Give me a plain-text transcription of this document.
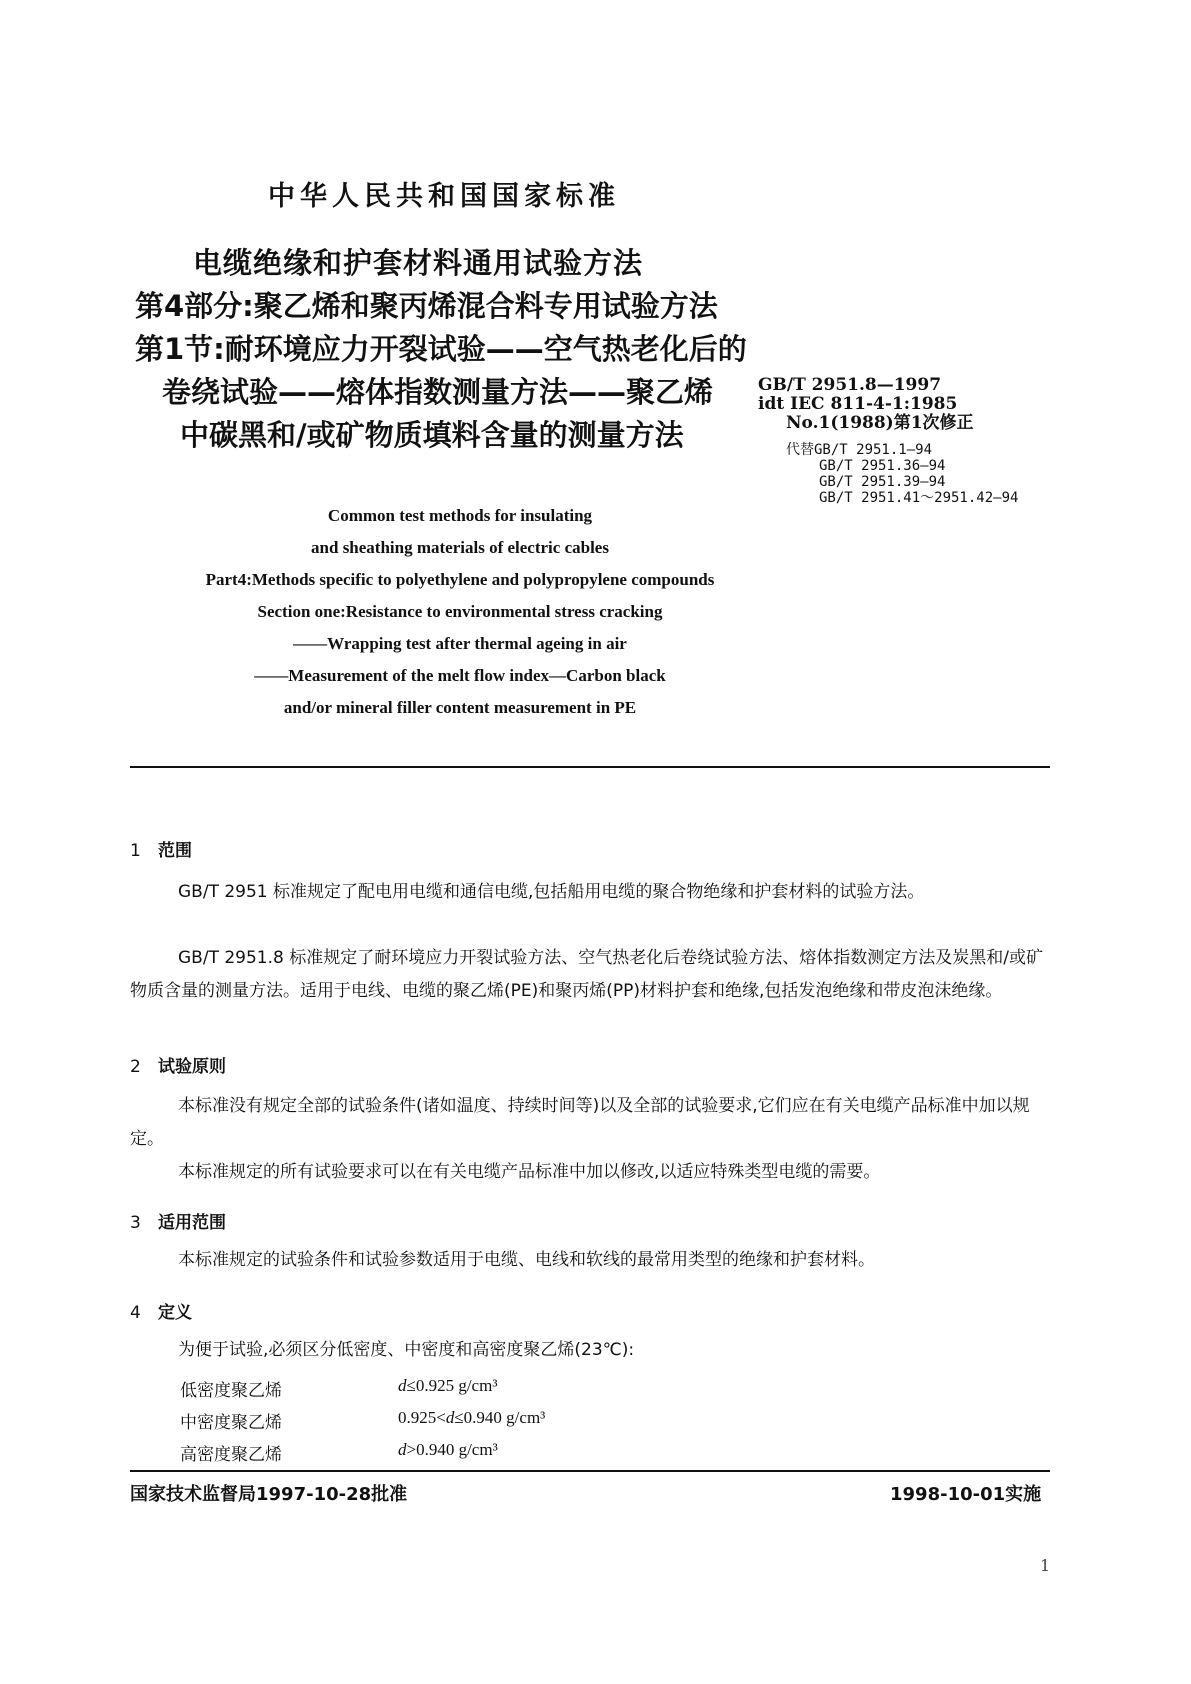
中华人民共和国国家标准
电缆绝缘和护套材料通用试验方法
第4部分:聚乙烯和聚丙烯混合料专用试验方法
第1节:耐环境应力开裂试验——空气热老化后的
卷绕试验——熔体指数测量方法——聚乙烯
中碳黑和/或矿物质填料含量的测量方法
GB/T 2951.8—1997
idt IEC 811-4-1:1985
No.1(1988)第1次修正
代替GB/T 2951.1—94
GB/T 2951.36—94
GB/T 2951.39—94
GB/T 2951.41～2951.42—94
Common test methods for insulating
and sheathing materials of electric cables
Part4:Methods specific to polyethylene and polypropylene compounds
Section one:Resistance to environmental stress cracking
——Wrapping test after thermal ageing in air
——Measurement of the melt flow index—Carbon black
and/or mineral filler content measurement in PE
1 范围
GB/T 2951 标准规定了配电用电缆和通信电缆,包括船用电缆的聚合物绝缘和护套材料的试验方法。
GB/T 2951.8 标准规定了耐环境应力开裂试验方法、空气热老化后卷绕试验方法、熔体指数测定方法及炭黑和/或矿物质含量的测量方法。适用于电线、电缆的聚乙烯(PE)和聚丙烯(PP)材料护套和绝缘,包括发泡绝缘和带皮泡沫绝缘。
2 试验原则
本标准没有规定全部的试验条件(诸如温度、持续时间等)以及全部的试验要求,它们应在有关电缆产品标准中加以规定。
本标准规定的所有试验要求可以在有关电缆产品标准中加以修改,以适应特殊类型电缆的需要。
3 适用范围
本标准规定的试验条件和试验参数适用于电缆、电线和软线的最常用类型的绝缘和护套材料。
4 定义
为便于试验,必须区分低密度、中密度和高密度聚乙烯(23℃):
低密度聚乙烯	d≤0.925 g/cm³
中密度聚乙烯	0.925<d≤0.940 g/cm³
高密度聚乙烯	d>0.940 g/cm³
国家技术监督局1997-10-28批准	1998-10-01实施
1
